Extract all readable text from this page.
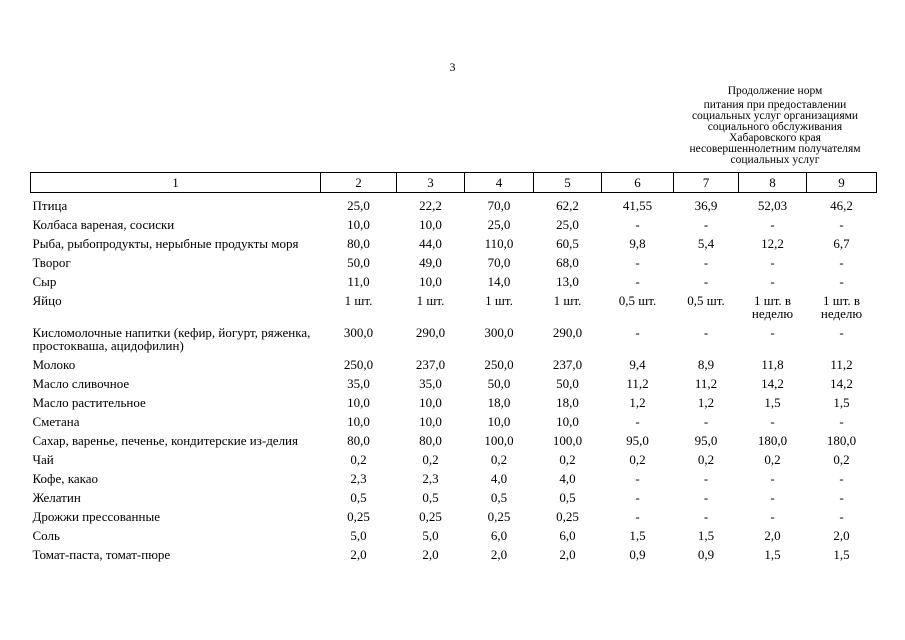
3
Продолжение норм
питания при предоставлении
социальных услуг организациями
социального обслуживания
Хабаровского края
несовершеннолетним получателям
социальных услуг
1	2	3	4	5	6	7	8	9
Птица	25,0	22,2	70,0	62,2	41,55	36,9	52,03	46,2
Колбаса вареная, сосиски	10,0	10,0	25,0	25,0	-	-	-	-
Рыба, рыбопродукты, нерыбные продукты моря	80,0	44,0	110,0	60,5	9,8	5,4	12,2	6,7
Творог	50,0	49,0	70,0	68,0	-	-	-	-
Сыр	11,0	10,0	14,0	13,0	-	-	-	-
Яйцо	1 шт.	1 шт.	1 шт.	1 шт.	0,5 шт.	0,5 шт.	1 шт. в неделю	1 шт. в неделю
Кисломолочные напитки (кефир, йогурт, ряженка, простокваша, ацидофилин)	300,0	290,0	300,0	290,0	-	-	-	-
Молоко	250,0	237,0	250,0	237,0	9,4	8,9	11,8	11,2
Масло сливочное	35,0	35,0	50,0	50,0	11,2	11,2	14,2	14,2
Масло растительное	10,0	10,0	18,0	18,0	1,2	1,2	1,5	1,5
Сметана	10,0	10,0	10,0	10,0	-	-	-	-
Сахар, варенье, печенье, кондитерские из-делия	80,0	80,0	100,0	100,0	95,0	95,0	180,0	180,0
Чай	0,2	0,2	0,2	0,2	0,2	0,2	0,2	0,2
Кофе, какао	2,3	2,3	4,0	4,0	-	-	-	-
Желатин	0,5	0,5	0,5	0,5	-	-	-	-
Дрожжи прессованные	0,25	0,25	0,25	0,25	-	-	-	-
Соль	5,0	5,0	6,0	6,0	1,5	1,5	2,0	2,0
Томат-паста, томат-пюре	2,0	2,0	2,0	2,0	0,9	0,9	1,5	1,5
